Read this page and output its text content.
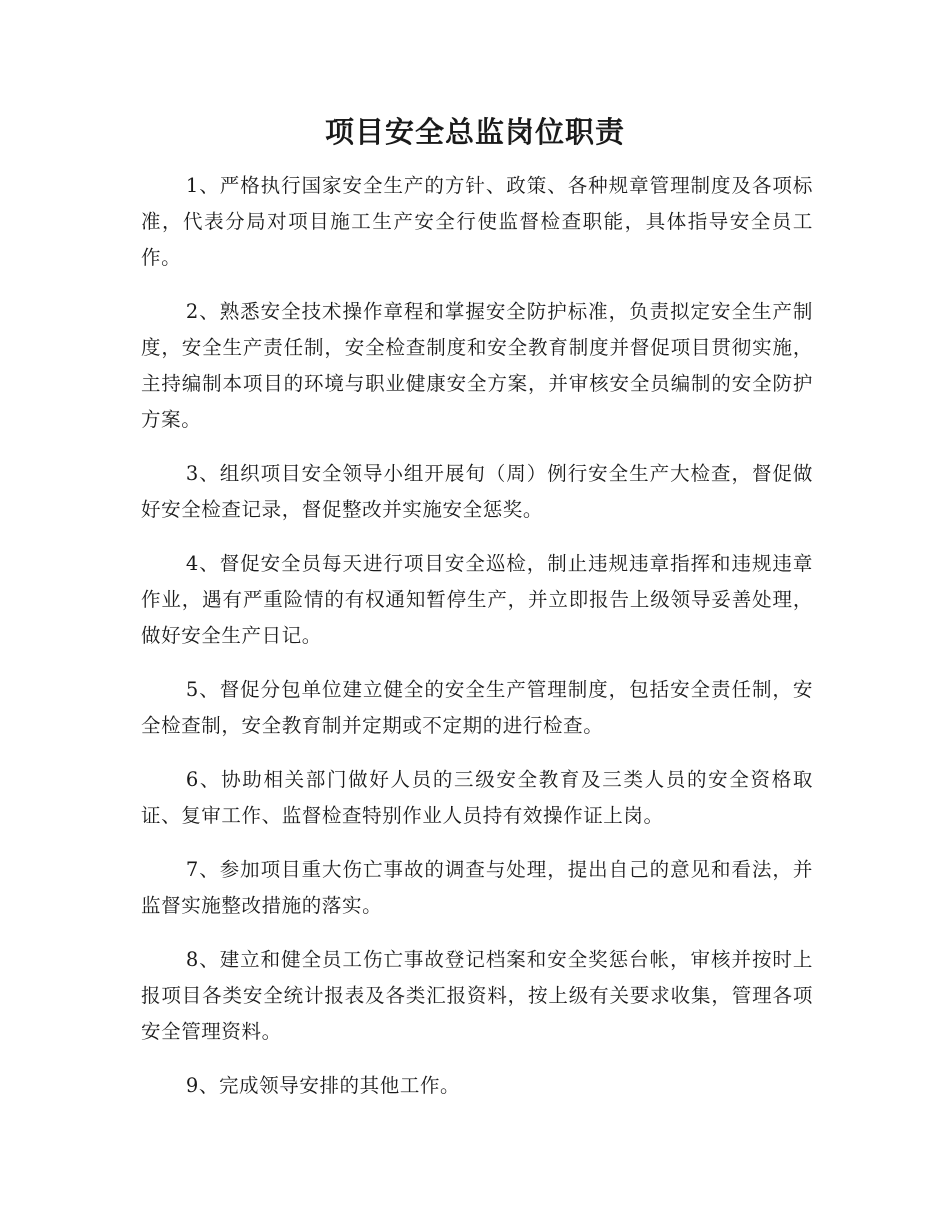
项目安全总监岗位职责

1、严格执行国家安全生产的方针、政策、各种规章管理制度及各项标准，代表分局对项目施工生产安全行使监督检查职能，具体指导安全员工作。

2、熟悉安全技术操作章程和掌握安全防护标准，负责拟定安全生产制度，安全生产责任制，安全检查制度和安全教育制度并督促项目贯彻实施，主持编制本项目的环境与职业健康安全方案，并审核安全员编制的安全防护方案。

3、组织项目安全领导小组开展旬（周）例行安全生产大检查，督促做好安全检查记录，督促整改并实施安全惩奖。

4、督促安全员每天进行项目安全巡检，制止违规违章指挥和违规违章作业，遇有严重险情的有权通知暂停生产，并立即报告上级领导妥善处理，做好安全生产日记。

5、督促分包单位建立健全的安全生产管理制度，包括安全责任制，安全检查制，安全教育制并定期或不定期的进行检查。

6、协助相关部门做好人员的三级安全教育及三类人员的安全资格取证、复审工作、监督检查特别作业人员持有效操作证上岗。

7、参加项目重大伤亡事故的调查与处理，提出自己的意见和看法，并监督实施整改措施的落实。

8、建立和健全员工伤亡事故登记档案和安全奖惩台帐，审核并按时上报项目各类安全统计报表及各类汇报资料，按上级有关要求收集，管理各项安全管理资料。

9、完成领导安排的其他工作。
